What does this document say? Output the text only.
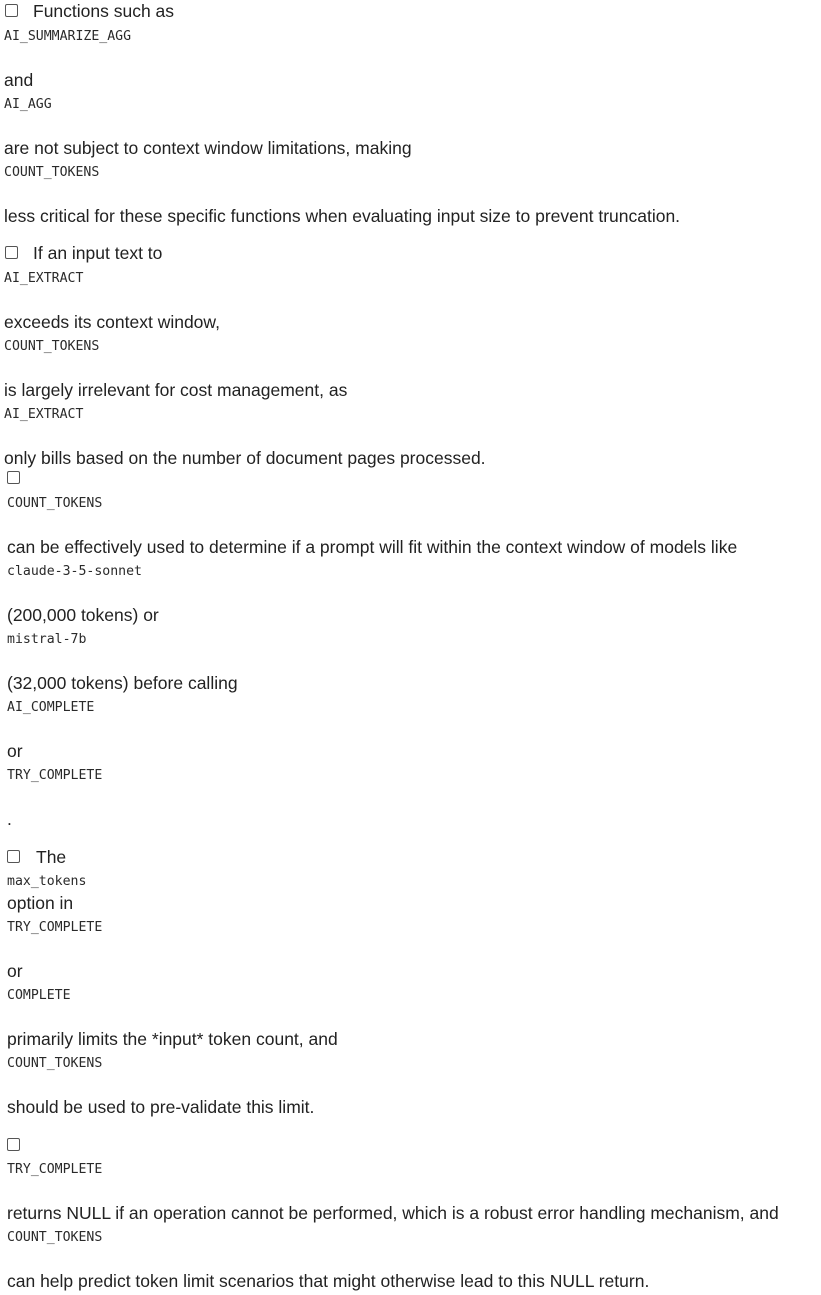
Functions such as
AI_SUMMARIZE_AGG
and
AI_AGG
are not subject to context window limitations, making
COUNT_TOKENS
less critical for these specific functions when evaluating input size to prevent truncation.
If an input text to
AI_EXTRACT
exceeds its context window,
COUNT_TOKENS
is largely irrelevant for cost management, as
AI_EXTRACT
only bills based on the number of document pages processed.
COUNT_TOKENS
can be effectively used to determine if a prompt will fit within the context window of models like
claude-3-5-sonnet
(200,000 tokens) or
mistral-7b
(32,000 tokens) before calling
AI_COMPLETE
or
TRY_COMPLETE
.
The
max_tokens
option in
TRY_COMPLETE
or
COMPLETE
primarily limits the *input* token count, and
COUNT_TOKENS
should be used to pre-validate this limit.
TRY_COMPLETE
returns NULL if an operation cannot be performed, which is a robust error handling mechanism, and
COUNT_TOKENS
can help predict token limit scenarios that might otherwise lead to this NULL return.
